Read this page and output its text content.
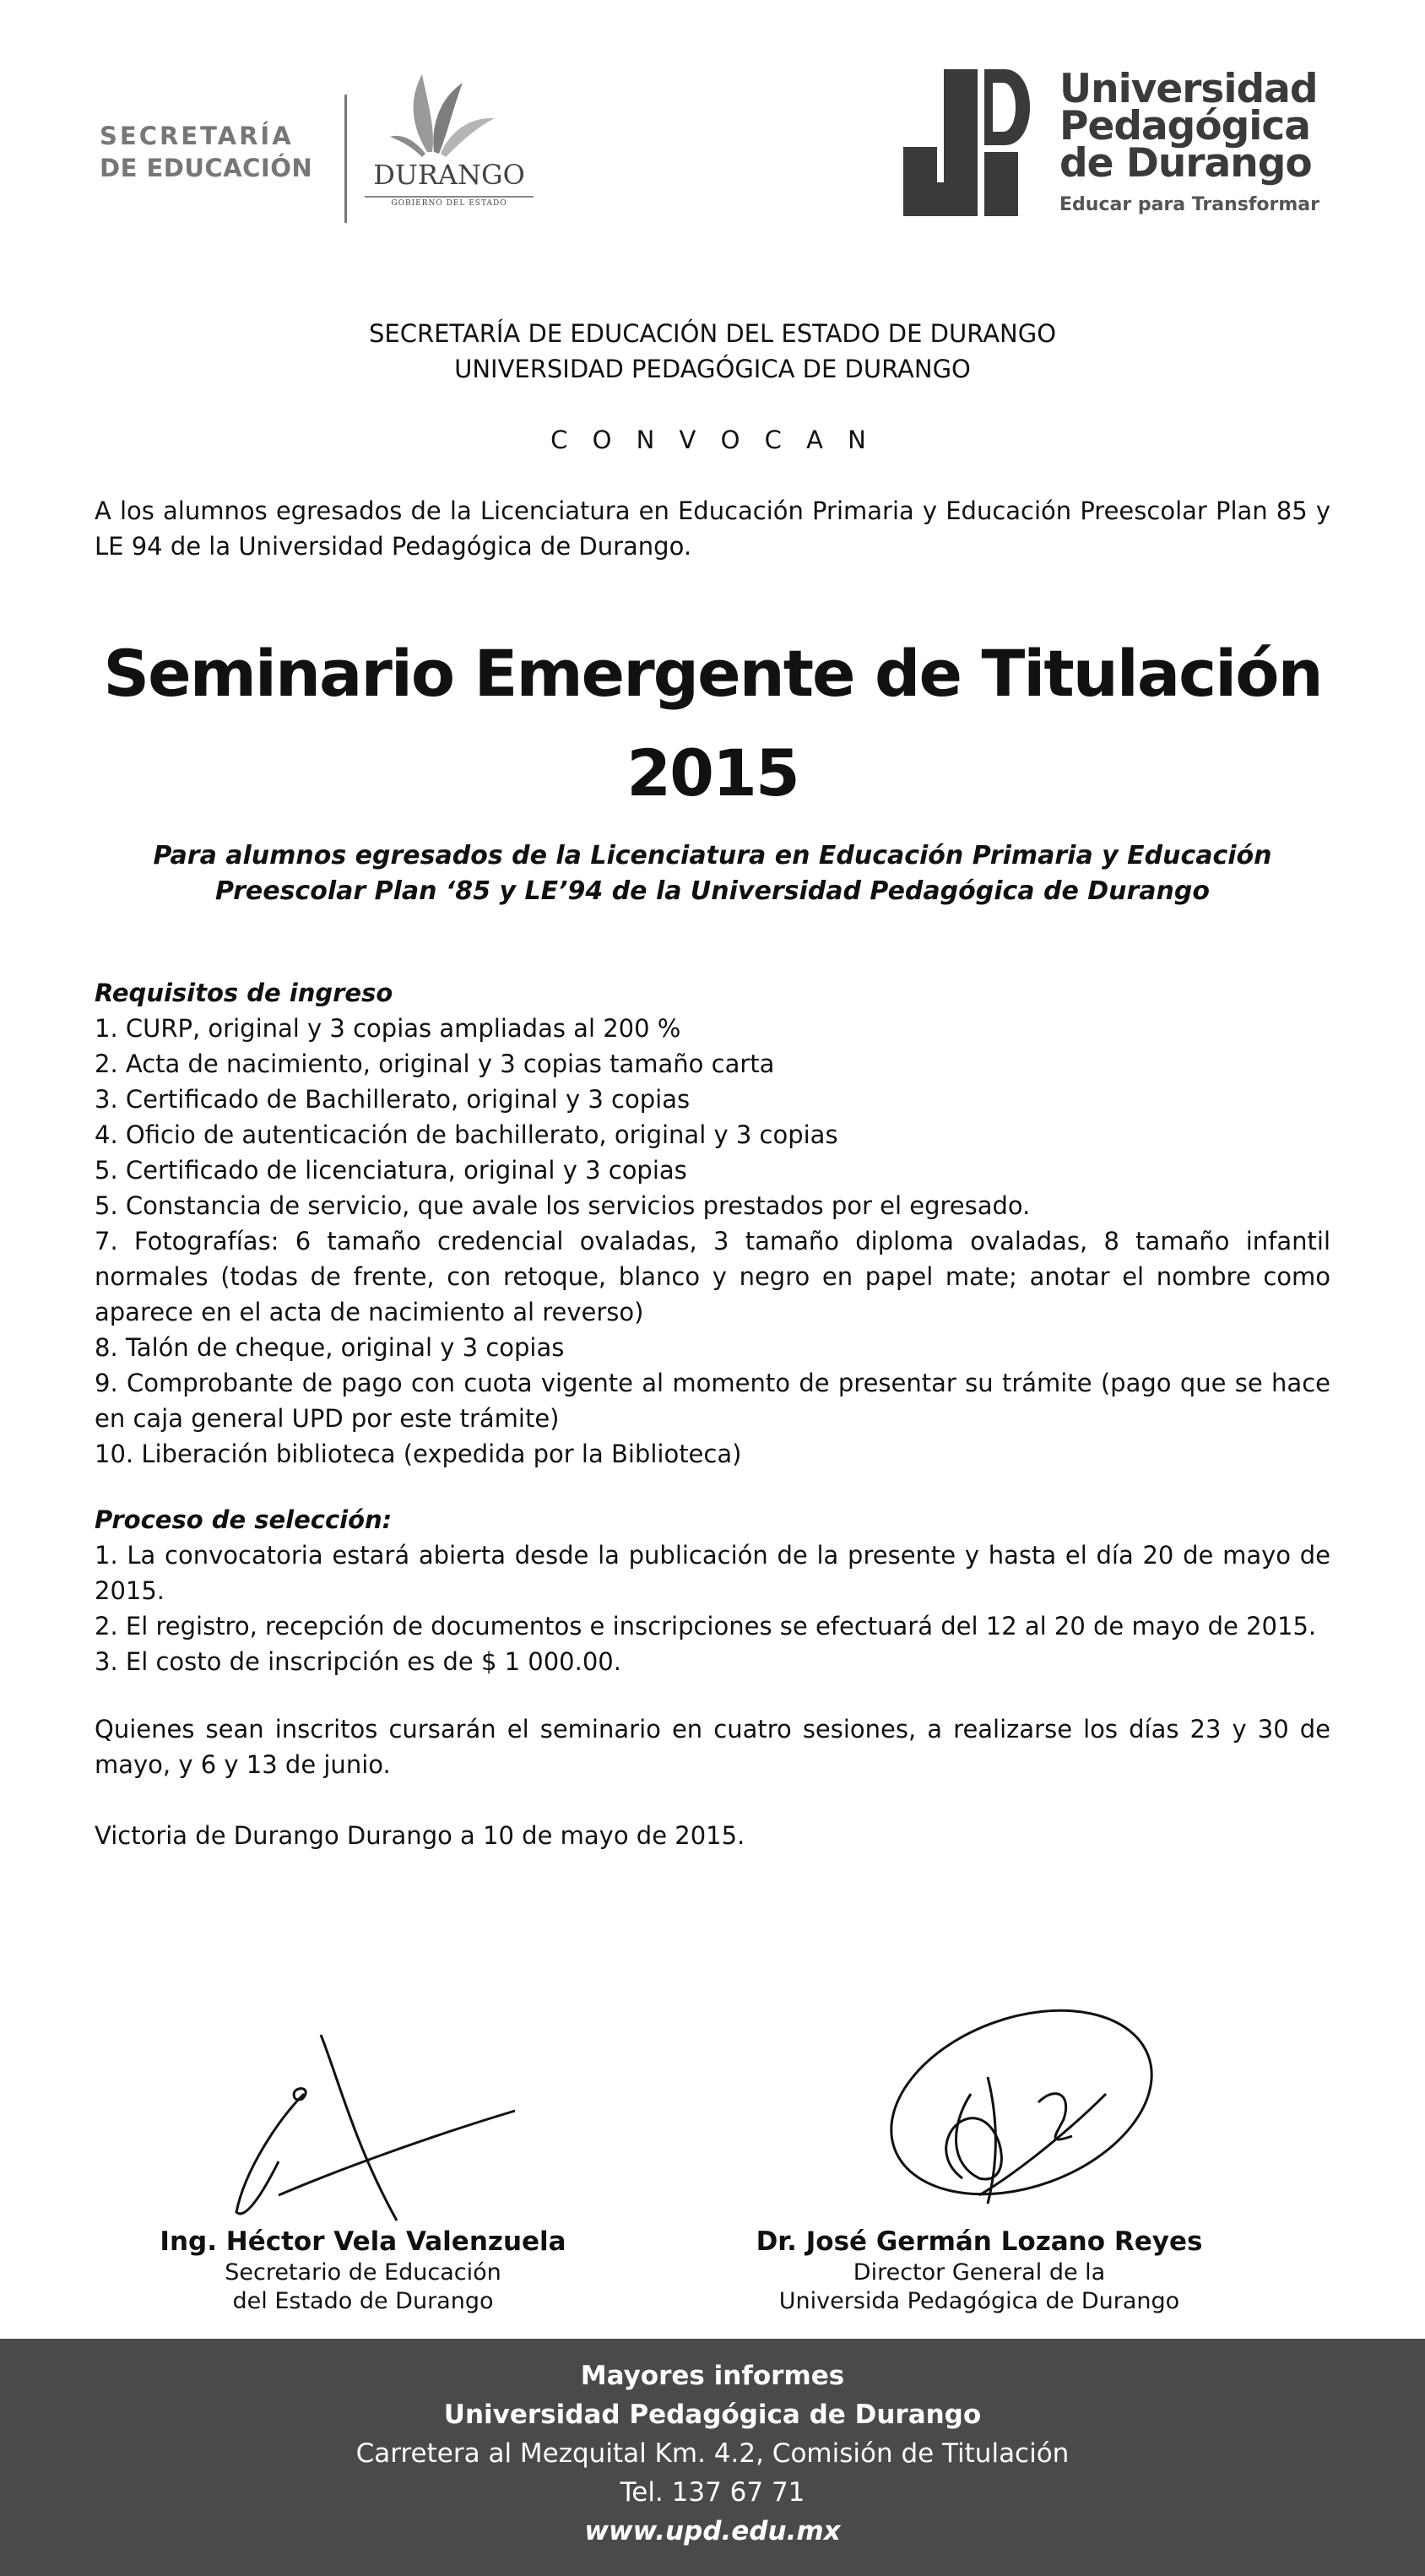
SECRETARÍA
DE EDUCACIÓN	DURANGO
GOBIERNO DEL ESTADO
Universidad
Pedagógica
de Durango
Educar para Transformar
SECRETARÍA DE EDUCACIÓN DEL ESTADO DE DURANGO
UNIVERSIDAD PEDAGÓGICA DE DURANGO
C O N V O C A N
A los alumnos egresados de la Licenciatura en Educación Primaria y Educación Preescolar Plan 85 y LE 94 de la Universidad Pedagógica de Durango.
Seminario Emergente de Titulación
2015
Para alumnos egresados de la Licenciatura en Educación Primaria y Educación
Preescolar Plan ‘85 y LE’94 de la Universidad Pedagógica de Durango
Requisitos de ingreso
1. CURP, original y 3 copias ampliadas al 200 %
2. Acta de nacimiento, original y 3 copias tamaño carta
3. Certificado de Bachillerato, original y 3 copias
4. Oficio de autenticación de bachillerato, original y 3 copias
5. Certificado de licenciatura, original y 3 copias
5. Constancia de servicio, que avale los servicios prestados por el egresado.
7. Fotografías: 6 tamaño credencial ovaladas, 3 tamaño diploma ovaladas, 8 tamaño infantil normales (todas de frente, con retoque, blanco y negro en papel mate; anotar el nombre como aparece en el acta de nacimiento al reverso)
8. Talón de cheque, original y 3 copias
9. Comprobante de pago con cuota vigente al momento de presentar su trámite (pago que se hace en caja general UPD por este trámite)
10. Liberación biblioteca (expedida por la Biblioteca)
Proceso de selección:
1. La convocatoria estará abierta desde la publicación de la presente y hasta el día 20 de mayo de 2015.
2. El registro, recepción de documentos e inscripciones se efectuará del 12 al 20 de mayo de 2015.
3. El costo de inscripción es de $ 1 000.00.
Quienes sean inscritos cursarán el seminario en cuatro sesiones, a realizarse los días 23 y 30 de mayo, y 6 y 13 de junio.
Victoria de Durango Durango a 10 de mayo de 2015.
Ing. Héctor Vela Valenzuela
Secretario de Educación
del Estado de Durango
Dr. José Germán Lozano Reyes
Director General de la
Universida Pedagógica de Durango
Mayores informes
Universidad Pedagógica de Durango
Carretera al Mezquital Km. 4.2, Comisión de Titulación
Tel. 137 67 71
www.upd.edu.mx
